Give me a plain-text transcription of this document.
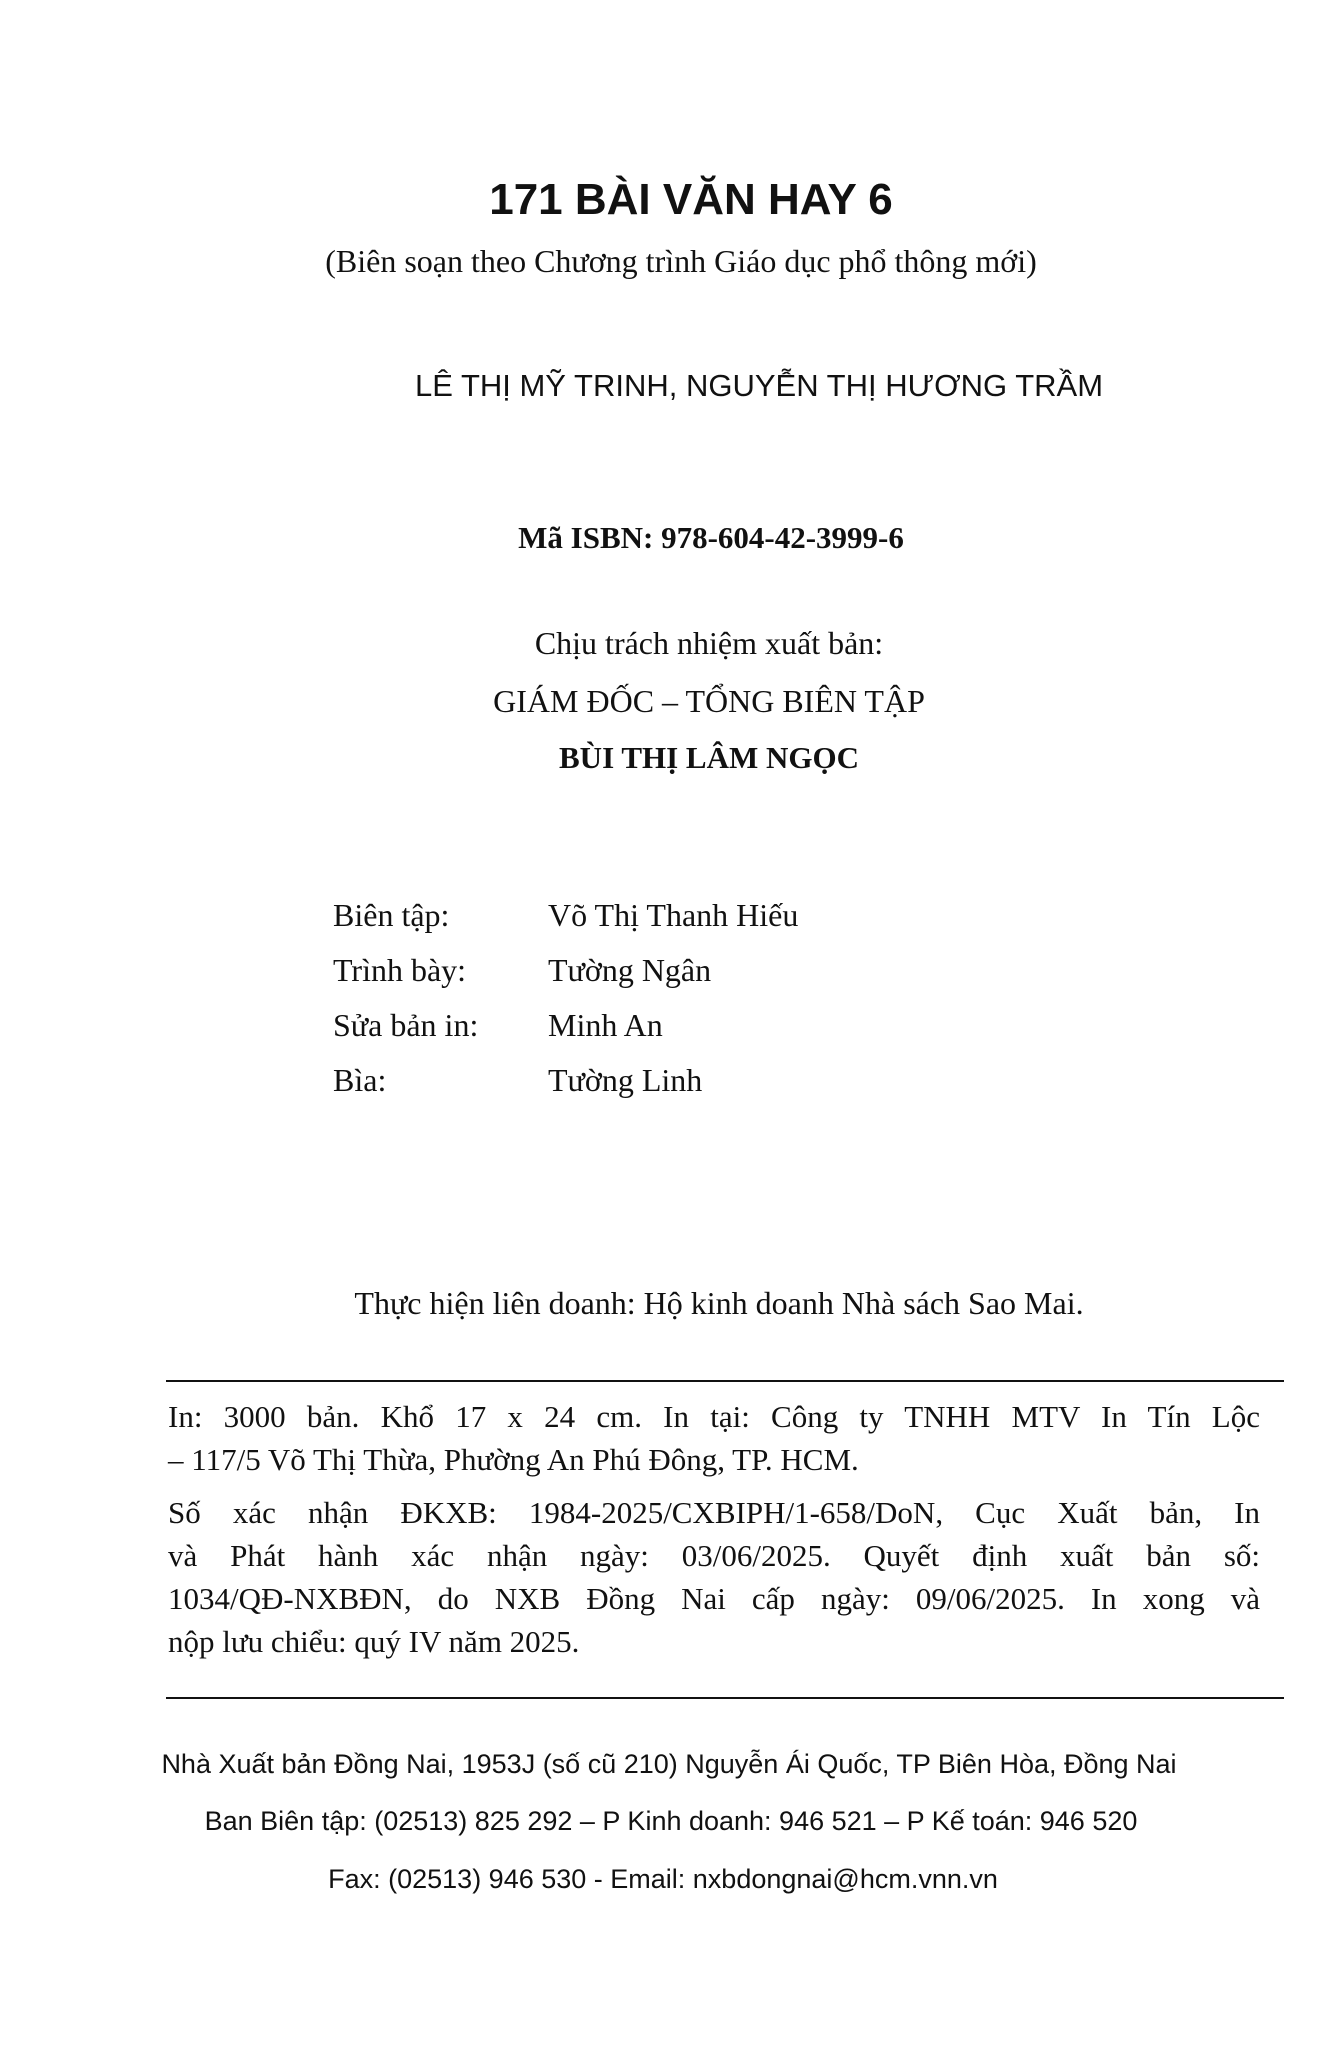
171 BÀI VĂN HAY 6
(Biên soạn theo Chương trình Giáo dục phổ thông mới)
LÊ THỊ MỸ TRINH, NGUYỄN THỊ HƯƠNG TRẦM
Mã ISBN: 978-604-42-3999-6
Chịu trách nhiệm xuất bản:
GIÁM ĐỐC – TỔNG BIÊN TẬP
BÙI THỊ LÂM NGỌC
Biên tập:	Võ Thị Thanh Hiếu
Trình bày:	Tường Ngân
Sửa bản in: Minh An
Bìa:	Tường Linh
Thực hiện liên doanh: Hộ kinh doanh Nhà sách Sao Mai.
In: 3000 bản. Khổ 17 x 24 cm. In tại: Công ty TNHH MTV In Tín Lộc
– 117/5 Võ Thị Thừa, Phường An Phú Đông, TP. HCM.
Số xác nhận ĐKXB: 1984-2025/CXBIPH/1-658/DoN, Cục Xuất bản, In
và Phát hành xác nhận ngày: 03/06/2025. Quyết định xuất bản số:
1034/QĐ-NXBĐN, do NXB Đồng Nai cấp ngày: 09/06/2025. In xong và
nộp lưu chiểu: quý IV năm 2025.
Nhà Xuất bản Đồng Nai, 1953J (số cũ 210) Nguyễn Ái Quốc, TP Biên Hòa, Đồng Nai
Ban Biên tập: (02513) 825 292 – P Kinh doanh: 946 521 – P Kế toán: 946 520
Fax: (02513) 946 530 - Email: nxbdongnai@hcm.vnn.vn
